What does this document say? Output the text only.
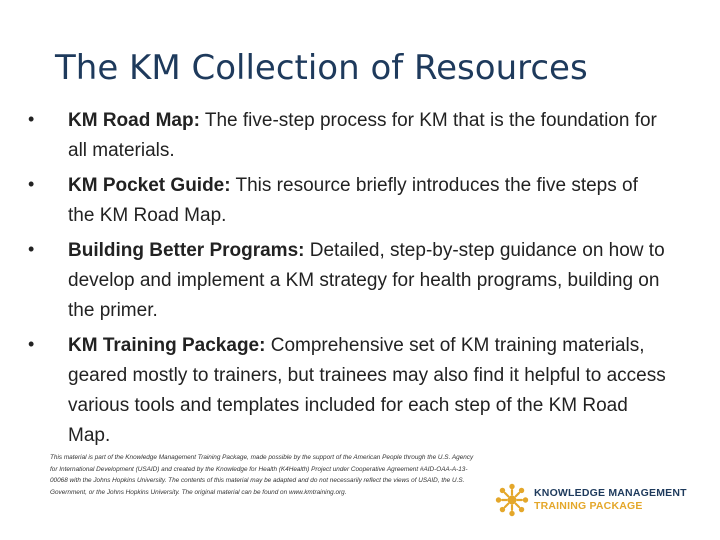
The KM Collection of Resources
• KM Road Map: The five-step process for KM that is the foundation for all materials.
• KM Pocket Guide: This resource briefly introduces the five steps of the KM Road Map.
• Building Better Programs: Detailed, step-by-step guidance on how to develop and implement a KM strategy for health programs, building on the primer.
• KM Training Package: Comprehensive set of KM training materials, geared mostly to trainers, but trainees may also find it helpful to access various tools and templates included for each step of the KM Road Map.

This material is part of the Knowledge Management Training Package, made possible by the support of the American People through the U.S. Agency for International Development (USAID) and created by the Knowledge for Health (K4Health) Project under Cooperative Agreement #AID-OAA-A-13-00068 with the Johns Hopkins University. The contents of this material may be adapted and do not necessarily reflect the views of USAID, the U.S. Government, or the Johns Hopkins University. The original material can be found on www.kmtraining.org.	KNOWLEDGE MANAGEMENT
TRAINING PACKAGE
